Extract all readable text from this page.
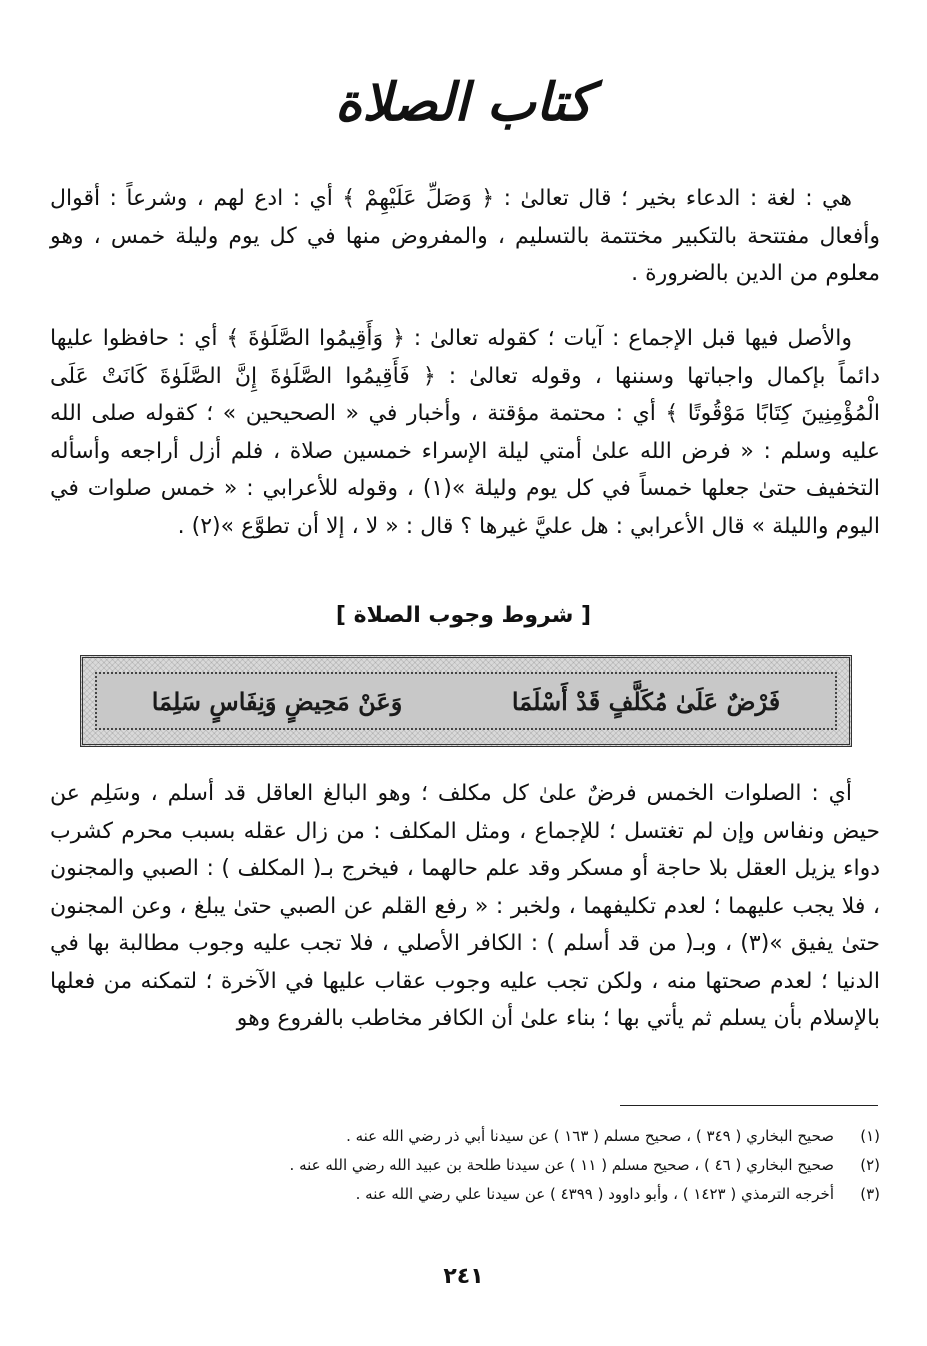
كتاب الصلاة
هي : لغة : الدعاء بخير ؛ قال تعالىٰ : ﴿ وَصَلِّ عَلَيْهِمْ ﴾ أي : ادع لهم ، وشرعاً : أقوال وأفعال مفتتحة بالتكبير مختتمة بالتسليم ، والمفروض منها في كل يوم وليلة خمس ، وهو معلوم من الدين بالضرورة .
والأصل فيها قبل الإجماع : آيات ؛ كقوله تعالىٰ : ﴿ وَأَقِيمُوا الصَّلَوٰةَ ﴾ أي : حافظوا عليها دائماً بإكمال واجباتها وسننها ، وقوله تعالىٰ : ﴿ فَأَقِيمُوا الصَّلَوٰةَ إِنَّ الصَّلَوٰةَ كَانَتْ عَلَى الْمُؤْمِنِينَ كِتَابًا مَوْقُوتًا ﴾ أي : محتمة مؤقتة ، وأخبار في « الصحيحين » ؛ كقوله صلى الله عليه وسلم : « فرض الله علىٰ أمتي ليلة الإسراء خمسين صلاة ، فلم أزل أراجعه وأسأله التخفيف حتىٰ جعلها خمساً في كل يوم وليلة »(١) ، وقوله للأعرابي : « خمس صلوات في اليوم والليلة » قال الأعرابي : هل عليَّ غيرها ؟ قال : « لا ، إلا أن تطوَّع »(٢) .
[ شروط وجوب الصلاة ]
فَرْضٌ عَلَىٰ مُكَلَّفٍ قَدْ أَسْلَمَا
وَعَنْ مَحِيضٍ وَنِفَاسٍ سَلِمَا
أي : الصلوات الخمس فرضٌ علىٰ كل مكلف ؛ وهو البالغ العاقل قد أسلم ، وسَلِم عن حيض ونفاس وإن لم تغتسل ؛ للإجماع ، ومثل المكلف : من زال عقله بسبب محرم كشرب دواء يزيل العقل بلا حاجة أو مسكر وقد علم حالهما ، فيخرج بـ( المكلف ) : الصبي والمجنون ، فلا يجب عليهما ؛ لعدم تكليفهما ، ولخبر : « رفع القلم عن الصبي حتىٰ يبلغ ، وعن المجنون حتىٰ يفيق »(٣) ، وبـ( من قد أسلم ) : الكافر الأصلي ، فلا تجب عليه وجوب مطالبة بها في الدنيا ؛ لعدم صحتها منه ، ولكن تجب عليه وجوب عقاب عليها في الآخرة ؛ لتمكنه من فعلها بالإسلام بأن يسلم ثم يأتي بها ؛ بناء علىٰ أن الكافر مخاطب بالفروع وهو
(١)
صحيح البخاري ( ٣٤٩ ) ، صحيح مسلم ( ١٦٣ ) عن سيدنا أبي ذر رضي الله عنه .
(٢)
صحيح البخاري ( ٤٦ ) ، صحيح مسلم ( ١١ ) عن سيدنا طلحة بن عبيد الله رضي الله عنه .
(٣)
أخرجه الترمذي ( ١٤٢٣ ) ، وأبو داوود ( ٤٣٩٩ ) عن سيدنا علي رضي الله عنه .
٢٤١
